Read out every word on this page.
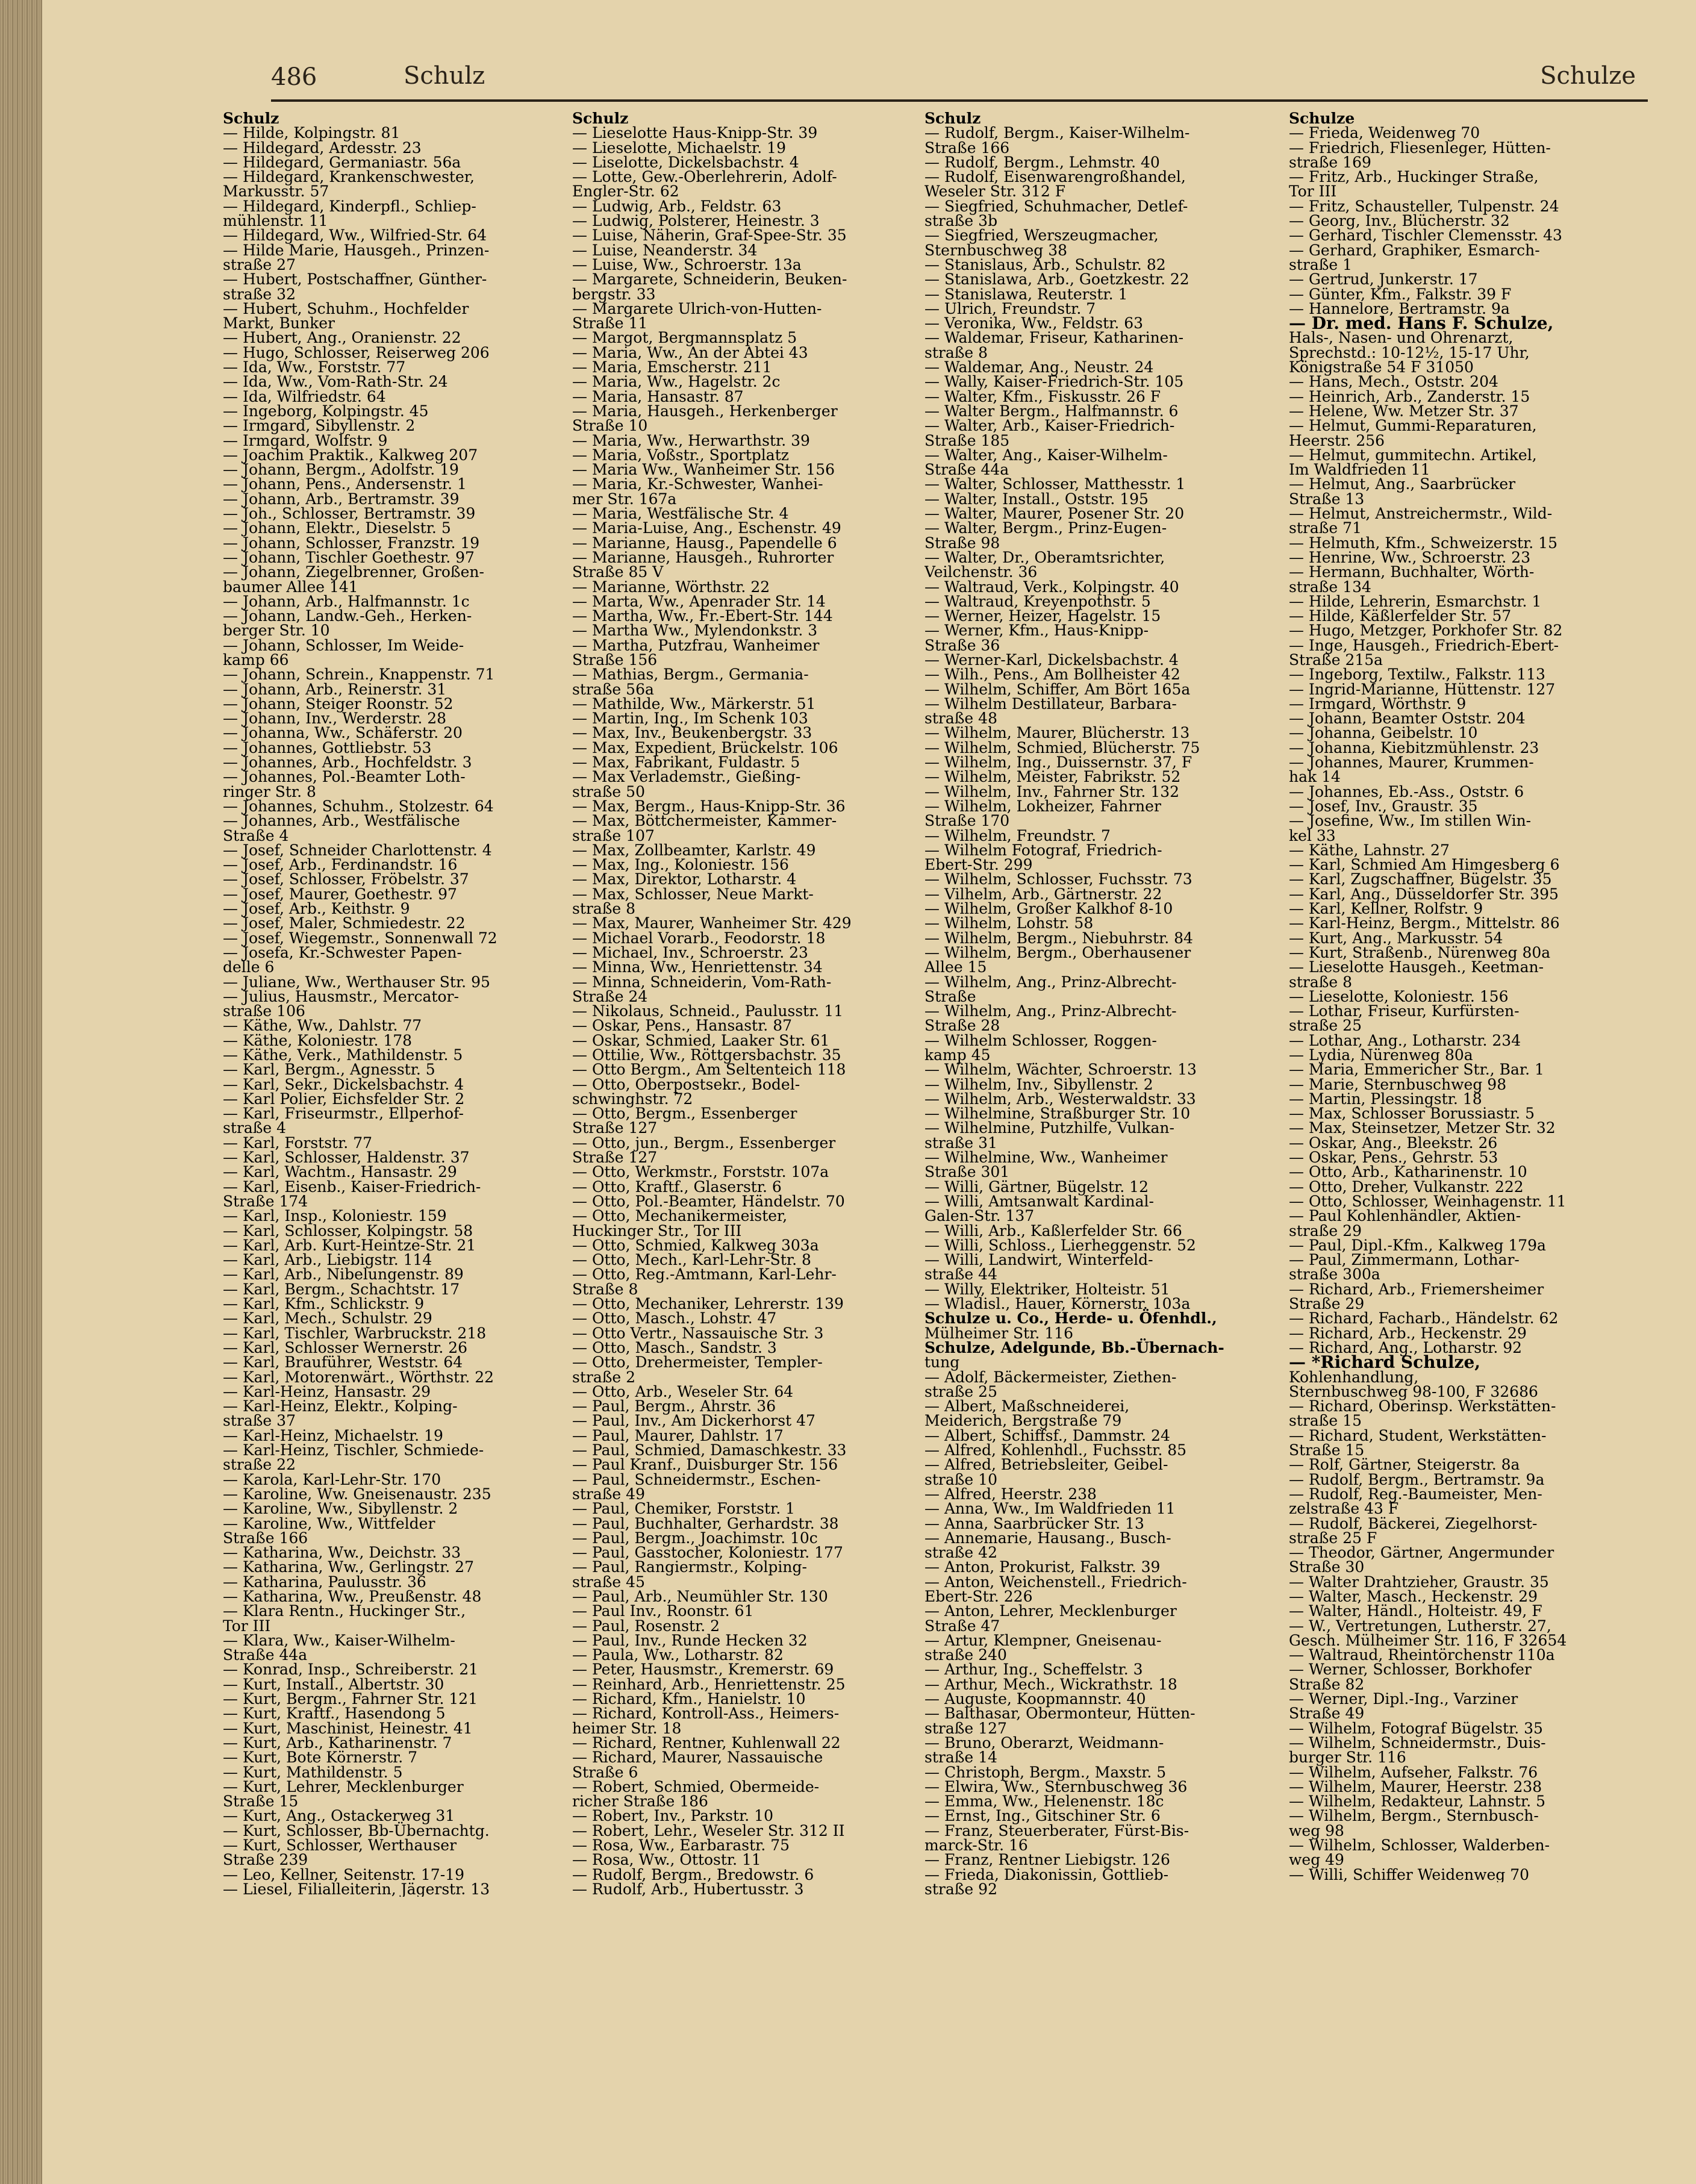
486	Schulz	Schulze

Schulz

— Hilde, Kolpingstr. 81

— Hildegard, Ardesstr. 23

— Hildegard, Germaniastr. 56a

— Hildegard, Krankenschwester,

Markusstr. 57

— Hildegard, Kinderpfl., Schliep-

mühlenstr. 11

— Hildegard, Ww., Wilfried-Str. 64

— Hilde Marie, Hausgeh., Prinzen-

straße 27

— Hubert, Postschaffner, Günther-

straße 32

— Hubert, Schuhm., Hochfelder

Markt, Bunker

— Hubert, Ang., Oranienstr. 22

— Hugo, Schlosser, Reiserweg 206

— Ida, Ww., Forststr. 77

— Ida, Ww., Vom-Rath-Str. 24

— Ida, Wilfriedstr. 64

— Ingeborg, Kolpingstr. 45

— Irmgard, Sibyllenstr. 2

— Irmgard, Wolfstr. 9

— Joachim Praktik., Kalkweg 207

— Johann, Bergm., Adolfstr. 19

— Johann, Pens., Andersenstr. 1

— Johann, Arb., Bertramstr. 39

— Joh., Schlosser, Bertramstr. 39

— Johann, Elektr., Dieselstr. 5

— Johann, Schlosser, Franzstr. 19

— Johann, Tischler Goethestr. 97

— Johann, Ziegelbrenner, Großen-

baumer Allee 141

— Johann, Arb., Halfmannstr. 1c

— Johann, Landw.-Geh., Herken-

berger Str. 10

— Johann, Schlosser, Im Weide-

kamp 66

— Johann, Schrein., Knappenstr. 71

— Johann, Arb., Reinerstr. 31

— Johann, Steiger Roonstr. 52

— Johann, Inv., Werderstr. 28

— Johanna, Ww., Schäferstr. 20

— Johannes, Gottliebstr. 53

— Johannes, Arb., Hochfeldstr. 3

— Johannes, Pol.-Beamter Loth-

ringer Str. 8

— Johannes, Schuhm., Stolzestr. 64

— Johannes, Arb., Westfälische

Straße 4

— Josef, Schneider Charlottenstr. 4

— Josef, Arb., Ferdinandstr. 16

— Josef, Schlosser, Fröbelstr. 37

— Josef, Maurer, Goethestr. 97

— Josef, Arb., Keithstr. 9

— Josef, Maler, Schmiedestr. 22

— Josef, Wiegemstr., Sonnenwall 72

— Josefa, Kr.-Schwester Papen-

delle 6

— Juliane, Ww., Werthauser Str. 95

— Julius, Hausmstr., Mercator-

straße 106

— Käthe, Ww., Dahlstr. 77

— Käthe, Koloniestr. 178

— Käthe, Verk., Mathildenstr. 5

— Karl, Bergm., Agnesstr. 5

— Karl, Sekr., Dickelsbachstr. 4

— Karl Polier, Eichsfelder Str. 2

— Karl, Friseurmstr., Ellperhof-

straße 4

— Karl, Forststr. 77

— Karl, Schlosser, Haldenstr. 37

— Karl, Wachtm., Hansastr. 29

— Karl, Eisenb., Kaiser-Friedrich-

Straße 174

— Karl, Insp., Koloniestr. 159

— Karl, Schlosser, Kolpingstr. 58

— Karl, Arb. Kurt-Heintze-Str. 21

— Karl, Arb., Liebigstr. 114

— Karl, Arb., Nibelungenstr. 89

— Karl, Bergm., Schachtstr. 17

— Karl, Kfm., Schlickstr. 9

— Karl, Mech., Schulstr. 29

— Karl, Tischler, Warbruckstr. 218

— Karl, Schlosser Wernerstr. 26

— Karl, Brauführer, Weststr. 64

— Karl, Motorenwärt., Wörthstr. 22

— Karl-Heinz, Hansastr. 29

— Karl-Heinz, Elektr., Kolping-

straße 37

— Karl-Heinz, Michaelstr. 19

— Karl-Heinz, Tischler, Schmiede-

straße 22

— Karola, Karl-Lehr-Str. 170

— Karoline, Ww. Gneisenaustr. 235

— Karoline, Ww., Sibyllenstr. 2

— Karoline, Ww., Wittfelder

Straße 166

— Katharina, Ww., Deichstr. 33

— Katharina, Ww., Gerlingstr. 27

— Katharina, Paulusstr. 36

— Katharina, Ww., Preußenstr. 48

— Klara Rentn., Huckinger Str.,

Tor III

— Klara, Ww., Kaiser-Wilhelm-

Straße 44a

— Konrad, Insp., Schreiberstr. 21

— Kurt, Install., Albertstr. 30

— Kurt, Bergm., Fahrner Str. 121

— Kurt, Kraftf., Hasendong 5

— Kurt, Maschinist, Heinestr. 41

— Kurt, Arb., Katharinenstr. 7

— Kurt, Bote Körnerstr. 7

— Kurt, Mathildenstr. 5

— Kurt, Lehrer, Mecklenburger

Straße 15

— Kurt, Ang., Ostackerweg 31

— Kurt, Schlosser, Bb-Übernachtg.

— Kurt, Schlosser, Werthauser

Straße 239

— Leo, Kellner, Seitenstr. 17-19

— Liesel, Filialleiterin, Jägerstr. 13

Schulz

— Lieselotte Haus-Knipp-Str. 39

— Lieselotte, Michaelstr. 19

— Liselotte, Dickelsbachstr. 4

— Lotte, Gew.-Oberlehrerin, Adolf-

Engler-Str. 62

— Ludwig, Arb., Feldstr. 63

— Ludwig, Polsterer, Heinestr. 3

— Luise, Näherin, Graf-Spee-Str. 35

— Luise, Neanderstr. 34

— Luise, Ww., Schroerstr. 13a

— Margarete, Schneiderin, Beuken-

bergstr. 33

— Margarete Ulrich-von-Hutten-

Straße 11

— Margot, Bergmannsplatz 5

— Maria, Ww., An der Abtei 43

— Maria, Emscherstr. 211

— Maria, Ww., Hagelstr. 2c

— Maria, Hansastr. 87

— Maria, Hausgeh., Herkenberger

Straße 10

— Maria, Ww., Herwarthstr. 39

— Maria, Voßstr., Sportplatz

— Maria Ww., Wanheimer Str. 156

— Maria, Kr.-Schwester, Wanhei-

mer Str. 167a

— Maria, Westfälische Str. 4

— Maria-Luise, Ang., Eschenstr. 49

— Marianne, Hausg., Papendelle 6

— Marianne, Hausgeh., Ruhrorter

Straße 85 V

— Marianne, Wörthstr. 22

— Marta, Ww., Apenrader Str. 14

— Martha, Ww., Fr.-Ebert-Str. 144

— Martha Ww., Mylendonkstr. 3

— Martha, Putzfrau, Wanheimer

Straße 156

— Mathias, Bergm., Germania-

straße 56a

— Mathilde, Ww., Märkerstr. 51

— Martin, Ing., Im Schenk 103

— Max, Inv., Beukenbergstr. 33

— Max, Expedient, Brückelstr. 106

— Max, Fabrikant, Fuldastr. 5

— Max Verlademstr., Gießing-

straße 50

— Max, Bergm., Haus-Knipp-Str. 36

— Max, Böttchermeister, Kammer-

straße 107

— Max, Zollbeamter, Karlstr. 49

— Max, Ing., Koloniestr. 156

— Max, Direktor, Lotharstr. 4

— Max, Schlosser, Neue Markt-

straße 8

— Max, Maurer, Wanheimer Str. 429

— Michael Vorarb., Feodorstr. 18

— Michael, Inv., Schroerstr. 23

— Minna, Ww., Henriettenstr. 34

— Minna, Schneiderin, Vom-Rath-

Straße 24

— Nikolaus, Schneid., Paulusstr. 11

— Oskar, Pens., Hansastr. 87

— Oskar, Schmied, Laaker Str. 61

— Ottilie, Ww., Röttgersbachstr. 35

— Otto Bergm., Am Seltenteich 118

— Otto, Oberpostsekr., Bodel-

schwinghstr. 72

— Otto, Bergm., Essenberger

Straße 127

— Otto, jun., Bergm., Essenberger

Straße 127

— Otto, Werkmstr., Forststr. 107a

— Otto, Kraftf., Glaserstr. 6

— Otto, Pol.-Beamter, Händelstr. 70

— Otto, Mechanikermeister,

Huckinger Str., Tor III

— Otto, Schmied, Kalkweg 303a

— Otto, Mech., Karl-Lehr-Str. 8

— Otto, Reg.-Amtmann, Karl-Lehr-

Straße 8

— Otto, Mechaniker, Lehrerstr. 139

— Otto, Masch., Lohstr. 47

— Otto Vertr., Nassauische Str. 3

— Otto, Masch., Sandstr. 3

— Otto, Drehermeister, Templer-

straße 2

— Otto, Arb., Weseler Str. 64

— Paul, Bergm., Ahrstr. 36

— Paul, Inv., Am Dickerhorst 47

— Paul, Maurer, Dahlstr. 17

— Paul, Schmied, Damaschkestr. 33

— Paul Kranf., Duisburger Str. 156

— Paul, Schneidermstr., Eschen-

straße 49

— Paul, Chemiker, Forststr. 1

— Paul, Buchhalter, Gerhardstr. 38

— Paul, Bergm., Joachimstr. 10c

— Paul, Gasstocher, Koloniestr. 177

— Paul, Rangiermstr., Kolping-

straße 45

— Paul, Arb., Neumühler Str. 130

— Paul Inv., Roonstr. 61

— Paul, Rosenstr. 2

— Paul, Inv., Runde Hecken 32

— Paula, Ww., Lotharstr. 82

— Peter, Hausmstr., Kremerstr. 69

— Reinhard, Arb., Henriettenstr. 25

— Richard, Kfm., Hanielstr. 10

— Richard, Kontroll-Ass., Heimers-

heimer Str. 18

— Richard, Rentner, Kuhlenwall 22

— Richard, Maurer, Nassauische

Straße 6

— Robert, Schmied, Obermeide-

richer Straße 186

— Robert, Inv., Parkstr. 10

— Robert, Lehr., Weseler Str. 312 II

— Rosa, Ww., Earbarastr. 75

— Rosa, Ww., Ottostr. 11

— Rudolf, Bergm., Bredowstr. 6

— Rudolf, Arb., Hubertusstr. 3

Schulz

— Rudolf, Bergm., Kaiser-Wilhelm-

Straße 166

— Rudolf, Bergm., Lehmstr. 40

— Rudolf, Eisenwarengroßhandel,

Weseler Str. 312 F

— Siegfried, Schuhmacher, Detlef-

straße 3b

— Siegfried, Werszeugmacher,

Sternbuschweg 38

— Stanislaus, Arb., Schulstr. 82

— Stanislawa, Arb., Goetzkestr. 22

— Stanislawa, Reuterstr. 1

— Ulrich, Freundstr. 7

— Veronika, Ww., Feldstr. 63

— Waldemar, Friseur, Katharinen-

straße 8

— Waldemar, Ang., Neustr. 24

— Wally, Kaiser-Friedrich-Str. 105

— Walter, Kfm., Fiskusstr. 26 F

— Walter Bergm., Halfmannstr. 6

— Walter, Arb., Kaiser-Friedrich-

Straße 185

— Walter, Ang., Kaiser-Wilhelm-

Straße 44a

— Walter, Schlosser, Matthesstr. 1

— Walter, Install., Oststr. 195

— Walter, Maurer, Posener Str. 20

— Walter, Bergm., Prinz-Eugen-

Straße 98

— Walter, Dr., Oberamtsrichter,

Veilchenstr. 36

— Waltraud, Verk., Kolpingstr. 40

— Waltraud, Kreyenpothstr. 5

— Werner, Heizer, Hagelstr. 15

— Werner, Kfm., Haus-Knipp-

Straße 36

— Werner-Karl, Dickelsbachstr. 4

— Wilh., Pens., Am Bollheister 42

— Wilhelm, Schiffer, Am Bört 165a

— Wilhelm Destillateur, Barbara-

straße 48

— Wilhelm, Maurer, Blücherstr. 13

— Wilhelm, Schmied, Blücherstr. 75

— Wilhelm, Ing., Duissernstr. 37, F

— Wilhelm, Meister, Fabrikstr. 52

— Wilhelm, Inv., Fahrner Str. 132

— Wilhelm, Lokheizer, Fahrner

Straße 170

— Wilhelm, Freundstr. 7

— Wilhelm Fotograf, Friedrich-

Ebert-Str. 299

— Wilhelm, Schlosser, Fuchsstr. 73

— Vilhelm, Arb., Gärtnerstr. 22

— Wilhelm, Großer Kalkhof 8-10

— Wilhelm, Lohstr. 58

— Wilhelm, Bergm., Niebuhrstr. 84

— Wilhelm, Bergm., Oberhausener

Allee 15

— Wilhelm, Ang., Prinz-Albrecht-

Straße

— Wilhelm, Ang., Prinz-Albrecht-

Straße 28

— Wilhelm Schlosser, Roggen-

kamp 45

— Wilhelm, Wächter, Schroerstr. 13

— Wilhelm, Inv., Sibyllenstr. 2

— Wilhelm, Arb., Westerwaldstr. 33

— Wilhelmine, Straßburger Str. 10

— Wilhelmine, Putzhilfe, Vulkan-

straße 31

— Wilhelmine, Ww., Wanheimer

Straße 301

— Willi, Gärtner, Bügelstr. 12

— Willi, Amtsanwalt Kardinal-

Galen-Str. 137

— Willi, Arb., Kaßlerfelder Str. 66

— Willi, Schloss., Lierheggenstr. 52

— Willi, Landwirt, Winterfeld-

straße 44

— Willy, Elektriker, Holteistr. 51

— Wladisl., Hauer, Körnerstr. 103a

Schulze u. Co., Herde- u. Öfenhdl.,

Mülheimer Str. 116

Schulze, Adelgunde, Bb.-Übernach-

tung

— Adolf, Bäckermeister, Ziethen-

straße 25

— Albert, Maßschneiderei,

Meiderich, Bergstraße 79

— Albert, Schiffsf., Dammstr. 24

— Alfred, Kohlenhdl., Fuchsstr. 85

— Alfred, Betriebsleiter, Geibel-

straße 10

— Alfred, Heerstr. 238

— Anna, Ww., Im Waldfrieden 11

— Anna, Saarbrücker Str. 13

— Annemarie, Hausang., Busch-

straße 42

— Anton, Prokurist, Falkstr. 39

— Anton, Weichenstell., Friedrich-

Ebert-Str. 226

— Anton, Lehrer, Mecklenburger

Straße 47

— Artur, Klempner, Gneisenau-

straße 240

— Arthur, Ing., Scheffelstr. 3

— Arthur, Mech., Wickrathstr. 18

— Auguste, Koopmannstr. 40

— Balthasar, Obermonteur, Hütten-

straße 127

— Bruno, Oberarzt, Weidmann-

straße 14

— Christoph, Bergm., Maxstr. 5

— Elwira, Ww., Sternbuschweg 36

— Emma, Ww., Helenenstr. 18c

— Ernst, Ing., Gitschiner Str. 6

— Franz, Steuerberater, Fürst-Bis-

marck-Str. 16

— Franz, Rentner Liebigstr. 126

— Frieda, Diakonissin, Gottlieb-

straße 92

Schulze

— Frieda, Weidenweg 70

— Friedrich, Fliesenleger, Hütten-

straße 169

— Fritz, Arb., Huckinger Straße,

Tor III

— Fritz, Schausteller, Tulpenstr. 24

— Georg, Inv., Blücherstr. 32

— Gerhard, Tischler Clemensstr. 43

— Gerhard, Graphiker, Esmarch-

straße 1

— Gertrud, Junkerstr. 17

— Günter, Kfm., Falkstr. 39 F

— Hannelore, Bertramstr. 9a

— Dr. med. Hans F. Schulze,

Hals-, Nasen- und Ohrenarzt,

Sprechstd.: 10-12½, 15-17 Uhr,

Königstraße 54 F 31050

— Hans, Mech., Oststr. 204

— Heinrich, Arb., Zanderstr. 15

— Helene, Ww. Metzer Str. 37

— Helmut, Gummi-Reparaturen,

Heerstr. 256

— Helmut, gummitechn. Artikel,

Im Waldfrieden 11

— Helmut, Ang., Saarbrücker

Straße 13

— Helmut, Anstreichermstr., Wild-

straße 71

— Helmuth, Kfm., Schweizerstr. 15

— Henrine, Ww., Schroerstr. 23

— Hermann, Buchhalter, Wörth-

straße 134

— Hilde, Lehrerin, Esmarchstr. 1

— Hilde, Käßlerfelder Str. 57

— Hugo, Metzger, Porkhofer Str. 82

— Inge, Hausgeh., Friedrich-Ebert-

Straße 215a

— Ingeborg, Textilw., Falkstr. 113

— Ingrid-Marianne, Hüttenstr. 127

— Irmgard, Wörthstr. 9

— Johann, Beamter Oststr. 204

— Johanna, Geibelstr. 10

— Johanna, Kiebitzmühlenstr. 23

— Johannes, Maurer, Krummen-

hak 14

— Johannes, Eb.-Ass., Oststr. 6

— Josef, Inv., Graustr. 35

— Josefine, Ww., Im stillen Win-

kel 33

— Käthe, Lahnstr. 27

— Karl, Schmied Am Himgesberg 6

— Karl, Zugschaffner, Bügelstr. 35

— Karl, Ang., Düsseldorfer Str. 395

— Karl, Kellner, Rolfstr. 9

— Karl-Heinz, Bergm., Mittelstr. 86

— Kurt, Ang., Markusstr. 54

— Kurt, Straßenb., Nürenweg 80a

— Lieselotte Hausgeh., Keetman-

straße 8

— Lieselotte, Koloniestr. 156

— Lothar, Friseur, Kurfürsten-

straße 25

— Lothar, Ang., Lotharstr. 234

— Lydia, Nürenweg 80a

— Maria, Emmericher Str., Bar. 1

— Marie, Sternbuschweg 98

— Martin, Plessingstr. 18

— Max, Schlosser Borussiastr. 5

— Max, Steinsetzer, Metzer Str. 32

— Oskar, Ang., Bleekstr. 26

— Oskar, Pens., Gehrstr. 53

— Otto, Arb., Katharinenstr. 10

— Otto, Dreher, Vulkanstr. 222

— Otto, Schlosser, Weinhagenstr. 11

— Paul Kohlenhändler, Aktien-

straße 29

— Paul, Dipl.-Kfm., Kalkweg 179a

— Paul, Zimmermann, Lothar-

straße 300a

— Richard, Arb., Friemersheimer

Straße 29

— Richard, Facharb., Händelstr. 62

— Richard, Arb., Heckenstr. 29

— Richard, Ang., Lotharstr. 92

— *Richard Schulze,

Kohlenhandlung,

Sternbuschweg 98-100, F 32686

— Richard, Oberinsp. Werkstätten-

straße 15

— Richard, Student, Werkstätten-

Straße 15

— Rolf, Gärtner, Steigerstr. 8a

— Rudolf, Bergm., Bertramstr. 9a

— Rudolf, Reg.-Baumeister, Men-

zelstraße 43 F

— Rudolf, Bäckerei, Ziegelhorst-

straße 25 F

— Theodor, Gärtner, Angermunder

Straße 30

— Walter Drahtzieher, Graustr. 35

— Walter, Masch., Heckenstr. 29

— Walter, Händl., Holteistr. 49, F

— W., Vertretungen, Lutherstr. 27,

Gesch. Mülheimer Str. 116, F 32654

— Waltraud, Rheintörchenstr 110a

— Werner, Schlosser, Borkhofer

Straße 82

— Werner, Dipl.-Ing., Varziner

Straße 49

— Wilhelm, Fotograf Bügelstr. 35

— Wilhelm, Schneidermstr., Duis-

burger Str. 116

— Wilhelm, Aufseher, Falkstr. 76

— Wilhelm, Maurer, Heerstr. 238

— Wilhelm, Redakteur, Lahnstr. 5

— Wilhelm, Bergm., Sternbusch-

weg 98

— Wilhelm, Schlosser, Walderben-

weg 49

— Willi, Schiffer Weidenweg 70
